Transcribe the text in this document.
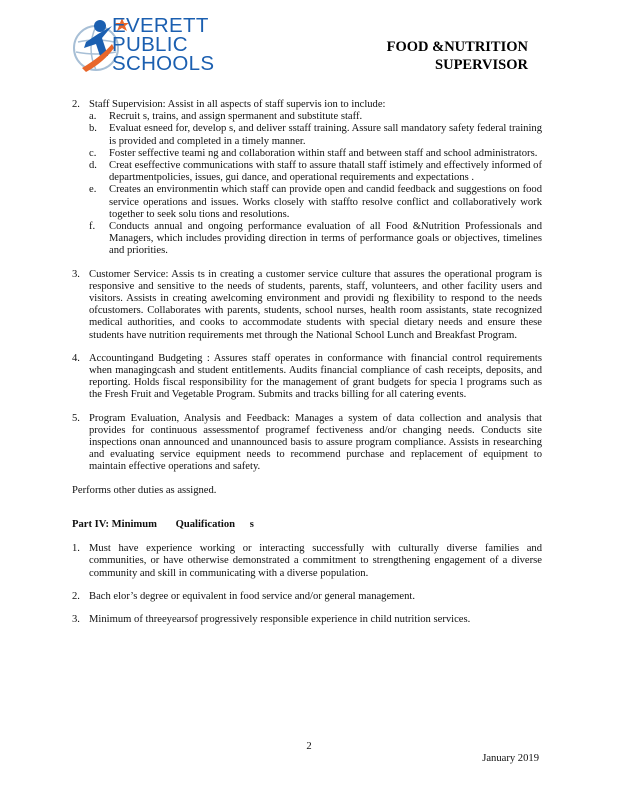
EVERETT
PUBLIC
SCHOOLS
FOOD &NUTRITION
SUPERVISOR
2. Staff Supervision: Assist in all aspects of staff supervis ion to include:
a. Recruit s, trains, and assign spermanent and substitute staff.
b. Evaluat esneed for, develop s, and deliver sstaff training. Assure sall mandatory safety federal training is provided and completed in a timely manner.
c. Foster seffective teami ng and collaboration within staff and between staff and school administrators.
d. Creat eseffective communications with staff to assure thatall staff istimely and effectively informed of departmentpolicies, issues, gui dance, and operational requirements and expectations .
e. Creates an environmentin which staff can provide open and candid feedback and suggestions on food service operations and issues. Works closely with staffto resolve conflict and collaboratively work together to seek solu tions and resolutions.
f. Conducts annual and ongoing performance evaluation of all Food &Nutrition Professionals and Managers, which includes providing direction in terms of performance goals or objectives, timelines and priorities.
3. Customer Service: Assis ts in creating a customer service culture that assures the operational program is responsive and sensitive to the needs of students, parents, staff, volunteers, and other facility users and visitors. Assists in creating awelcoming environment and providi ng flexibility to respond to the needs ofcustomers. Collaborates with parents, students, school nurses, health room assistants, state recognized medical authorities, and cooks to accommodate students with special dietary needs and ensure these students have nutrition requirements met through the National School Lunch and Breakfast Program.
4. Accountingand Budgeting : Assures staff operates in conformance with financial control requirements when managingcash and student entitlements. Audits financial compliance of cash receipts, deposits, and reporting. Holds fiscal responsibility for the management of grant budgets for specia l programs such as the Fresh Fruit and Vegetable Program. Submits and tracks billing for all catering events.
5. Program Evaluation, Analysis and Feedback: Manages a system of data collection and analysis that provides for continuous assessmentof programef fectiveness and/or changing needs. Conducts site inspections onan announced and unannounced basis to assure program compliance. Assists in researching and evaluating service equipment needs to recommend purchase and replacement of equipment to maintain effective operations and safety.
Performs other duties as assigned.
Part IV: Minimum Qualification s
1. Must have experience working or interacting successfully with culturally diverse families and communities, or have otherwise demonstrated a commitment to strengthening engagement of a diverse community and skill in communicating with a diverse population.
2. Bach elor’s degree or equivalent in food service and/or general management.
3. Minimum of threeyearsof progressively responsible experience in child nutrition services.
2
January 2019
